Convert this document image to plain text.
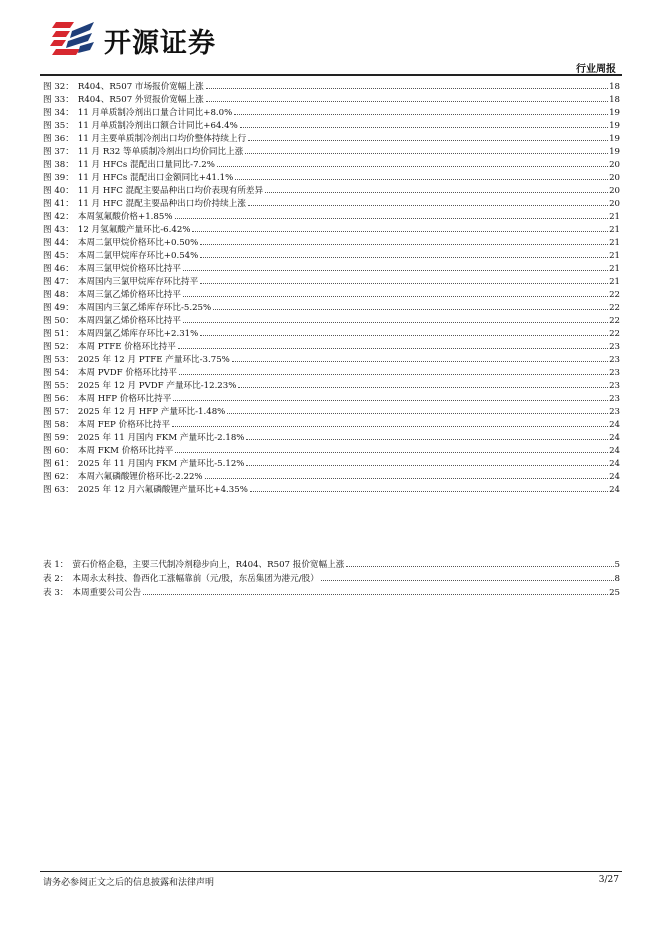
开源证券
行业周报
图 32： R404、R507 市场报价宽幅上涨	18
图 33： R404、R507 外贸报价宽幅上涨	18
图 34： 11 月单质制冷剂出口量合计同比+8.0%	19
图 35： 11 月单质制冷剂出口额合计同比+64.4%	19
图 36： 11 月主要单质制冷剂出口均价整体持续上行	19
图 37： 11 月 R32 等单质制冷剂出口均价同比上涨	19
图 38： 11 月 HFCs 混配出口量同比-7.2%	20
图 39： 11 月 HFCs 混配出口金额同比+41.1%	20
图 40： 11 月 HFC 混配主要品种出口均价表现有所差异	20
图 41： 11 月 HFC 混配主要品种出口均价持续上涨	20
图 42： 本周氢氟酸价格+1.85%	21
图 43： 12 月氢氟酸产量环比-6.42%	21
图 44： 本周二氯甲烷价格环比+0.50%	21
图 45： 本周二氯甲烷库存环比+0.54%	21
图 46： 本周三氯甲烷价格环比持平	21
图 47： 本周国内三氯甲烷库存环比持平	21
图 48： 本周三氯乙烯价格环比持平	22
图 49： 本周国内三氯乙烯库存环比-5.25%	22
图 50： 本周四氯乙烯价格环比持平	22
图 51： 本周四氯乙烯库存环比+2.31%	22
图 52： 本周 PTFE 价格环比持平	23
图 53： 2025 年 12 月 PTFE 产量环比-3.75%	23
图 54： 本周 PVDF 价格环比持平	23
图 55： 2025 年 12 月 PVDF 产量环比-12.23%	23
图 56： 本周 HFP 价格环比持平	23
图 57： 2025 年 12 月 HFP 产量环比-1.48%	23
图 58： 本周 FEP 价格环比持平	24
图 59： 2025 年 11 月国内 FKM 产量环比-2.18%	24
图 60： 本周 FKM 价格环比持平	24
图 61： 2025 年 11 月国内 FKM 产量环比-5.12%	24
图 62： 本周六氟磷酸锂价格环比-2.22%	24
图 63： 2025 年 12 月六氟磷酸锂产量环比+4.35%	24
表 1： 萤石价格企稳，主要三代制冷剂稳步向上，R404、R507 报价宽幅上涨	5
表 2： 本周永太科技、鲁西化工涨幅靠前（元/股，东岳集团为港元/股）	8
表 3： 本周重要公司公告	25
请务必参阅正文之后的信息披露和法律声明	3/27
